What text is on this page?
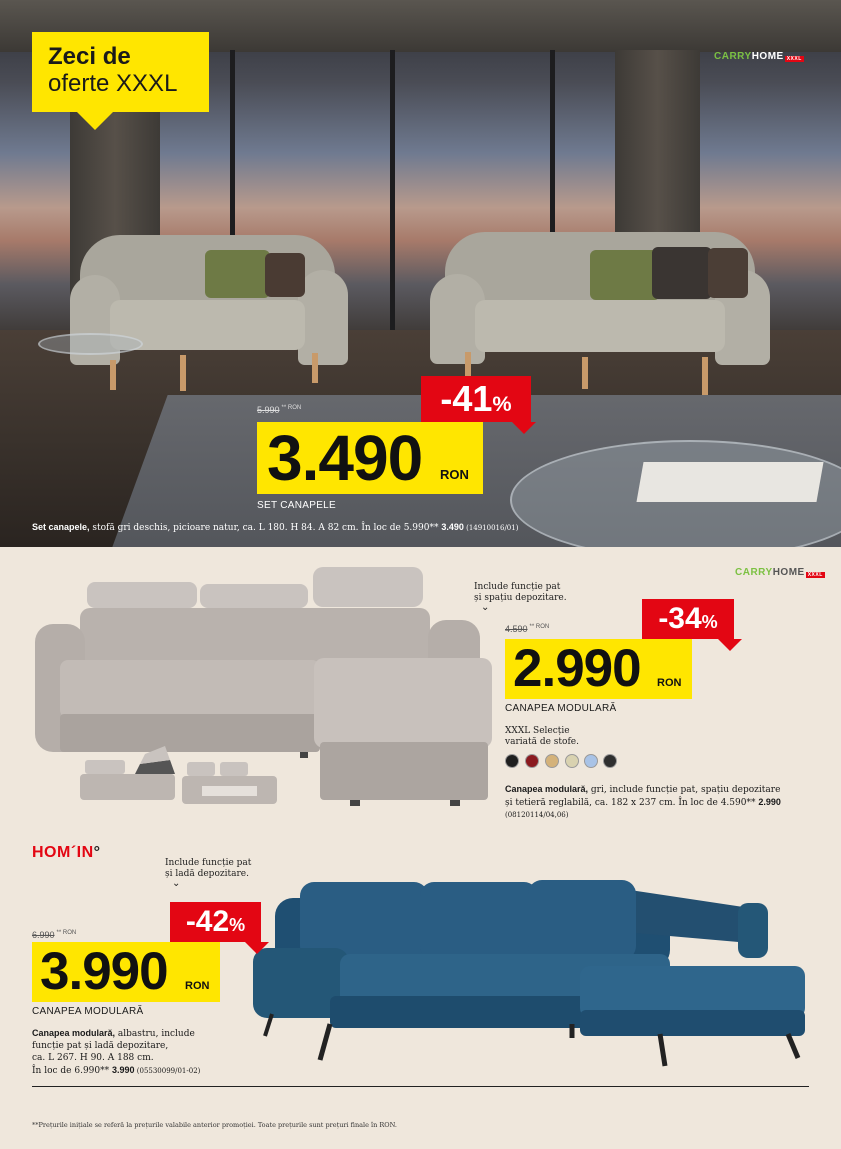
Zeci de
oferte XXXL
CARRYHOME XXXL
5.990 ** RON	-41%
3.490 RON
SET CANAPELE
Set canapele, stofă gri deschis, picioare natur, ca. L 180. H 84. A 82 cm. În loc de 5.990** 3.490 (14910016/01)
CARRYHOME XXXL
Include funcție pat
și spațiu depozitare.
⌄
4.590 ** RON	-34%
2.990 RON
CANAPEA MODULARĂ
XXXL Selecție
variată de stofe.
Canapea modulară, gri, include funcție pat, spațiu depozitare
și tetieră reglabilă, ca. 182 x 237 cm. În loc de 4.590** 2.990
(08120114/04,06)
HOM´IN°
Include funcție pat
și ladă depozitare.
⌄
6.990 ** RON	-42%
3.990 RON
CANAPEA MODULARĂ
Canapea modulară, albastru, include
funcție pat și ladă depozitare,
ca. L 267. H 90. A 188 cm.
În loc de 6.990** 3.990 (05530099/01-02)
**Prețurile inițiale se referă la prețurile valabile anterior promoției. Toate prețurile sunt prețuri finale în RON.
